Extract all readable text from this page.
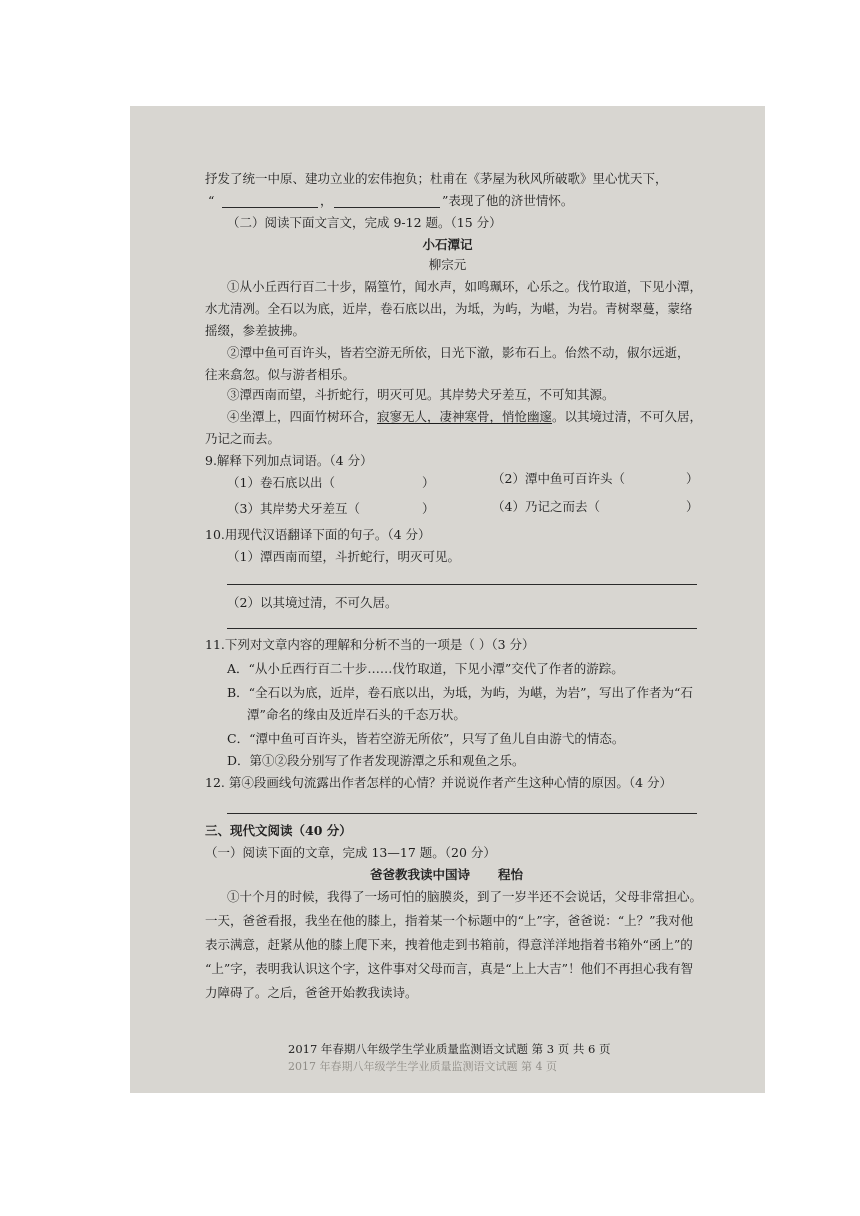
抒发了统一中原、建功立业的宏伟抱负；杜甫在《茅屋为秋风所破歌》里心忧天下，
“	，	”表现了他的济世情怀。
（二）阅读下面文言文，完成 9-12 题。（15 分）
小石潭记
柳宗元
①从小丘西行百二十步，隔篁竹，闻水声，如鸣珮环，心乐之。伐竹取道，下见小潭，
水尤清冽。全石以为底，近岸，卷石底以出，为坻，为屿，为嵁，为岩。青树翠蔓，蒙络
摇缀，参差披拂。
②潭中鱼可百许头，皆若空游无所依，日光下澈，影布石上。佁然不动，俶尔远逝，
往来翕忽。似与游者相乐。
③潭西南而望，斗折蛇行，明灭可见。其岸势犬牙差互，不可知其源。
④坐潭上，四面竹树环合，寂寥无人，凄神寒骨，悄怆幽邃。以其境过清，不可久居，
乃记之而去。
9.解释下列加点词语。（4 分）
（1）卷石底以出（	）	（2）潭中鱼可百许头（	）
（3）其岸势犬牙差互（	）	（4）乃记之而去（	）
10.用现代汉语翻译下面的句子。（4 分）
（1）潭西南而望，斗折蛇行，明灭可见。
（2）以其境过清，不可久居。
11.下列对文章内容的理解和分析不当的一项是（ ）（3 分）
A．“从小丘西行百二十步……伐竹取道，下见小潭”交代了作者的游踪。
B．“全石以为底，近岸，卷石底以出，为坻，为屿，为嵁，为岩”，写出了作者为“石
潭”命名的缘由及近岸石头的千态万状。
C．“潭中鱼可百许头，皆若空游无所依”，只写了鱼儿自由游弋的情态。
D．第①②段分别写了作者发现游潭之乐和观鱼之乐。
12. 第④段画线句流露出作者怎样的心情？并说说作者产生这种心情的原因。（4 分）
三、现代文阅读（40 分）
（一）阅读下面的文章，完成 13—17 题。（20 分）
爸爸教我读中国诗 程怡
①十个月的时候，我得了一场可怕的脑膜炎，到了一岁半还不会说话，父母非常担心。
一天，爸爸看报，我坐在他的膝上，指着某一个标题中的“上”字，爸爸说：“上？”我对他
表示满意，赶紧从他的膝上爬下来，拽着他走到书箱前，得意洋洋地指着书箱外“函上”的
“上”字，表明我认识这个字，这件事对父母而言，真是“上上大吉”！他们不再担心我有智
力障碍了。之后，爸爸开始教我读诗。
2017 年春期八年级学生学业质量监测语文试题 第 3 页 共 6 页
2017 年春期八年级学生学业质量监测语文试题 第 4 页
